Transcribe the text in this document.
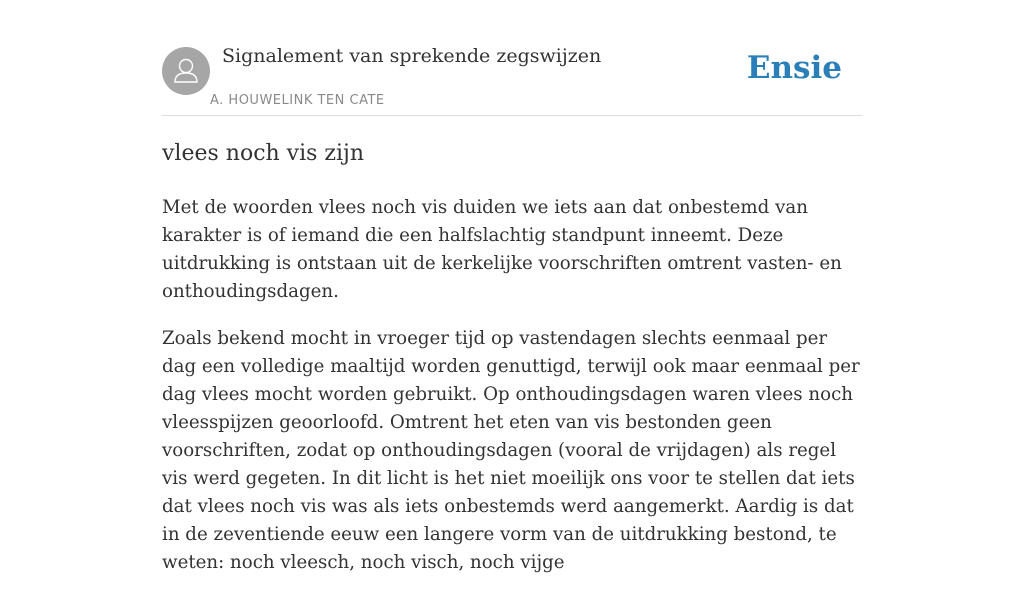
Signalement van sprekende zegswijzen
A. HOUWELINK TEN CATE
Ensie
vlees noch vis zijn

Met de woorden vlees noch vis duiden we iets aan dat onbestemd van karakter is of iemand die een halfslachtig standpunt inneemt. Deze uitdrukking is ontstaan uit de kerkelijke voorschriften omtrent vasten- en onthoudingsdagen.

Zoals bekend mocht in vroeger tijd op vastendagen slechts eenmaal per dag een volledige maaltijd worden genuttigd, terwijl ook maar eenmaal per dag vlees mocht worden gebruikt. Op onthoudingsdagen waren vlees noch vleesspijzen geoorloofd. Omtrent het eten van vis bestonden geen voorschriften, zodat op onthoudingsdagen (vooral de vrijdagen) als regel vis werd gegeten. In dit licht is het niet moeilijk ons voor te stellen dat iets dat vlees noch vis was als iets onbestemds werd aangemerkt. Aardig is dat in de zeventiende eeuw een langere vorm van de uitdrukking bestond, te weten: noch vleesch, noch visch, noch vijge
